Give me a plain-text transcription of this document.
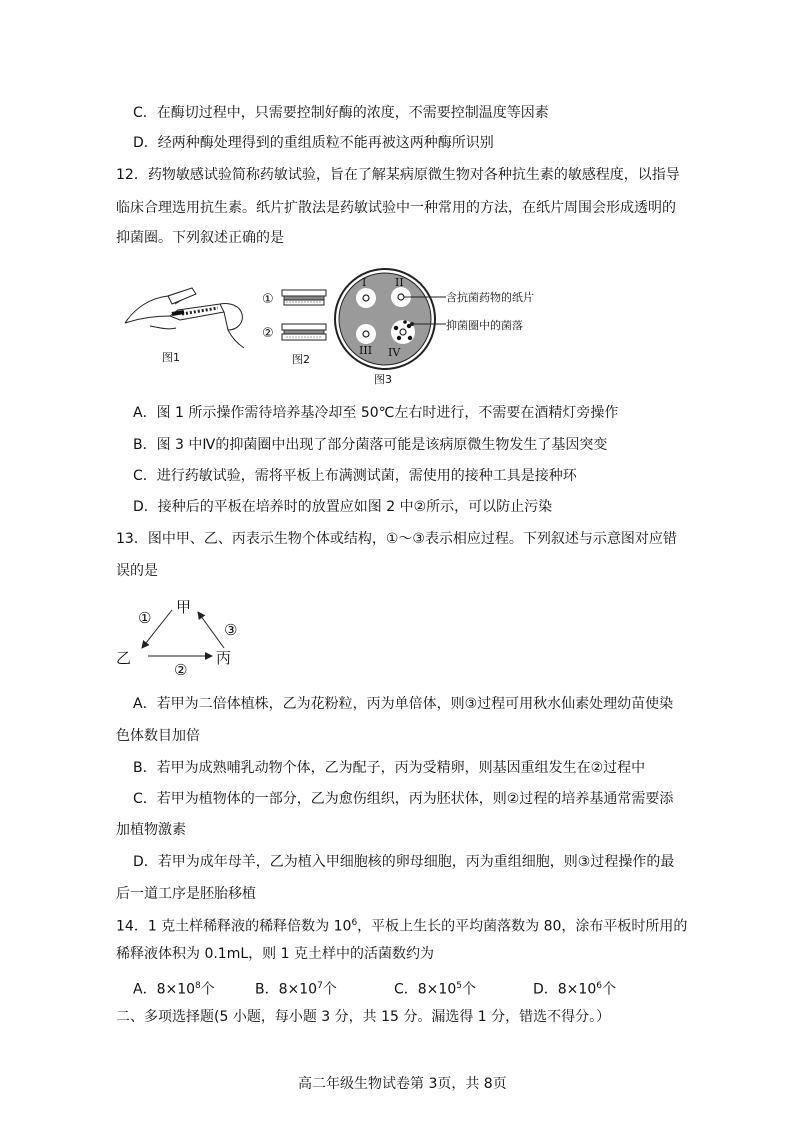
C．在酶切过程中，只需要控制好酶的浓度，不需要控制温度等因素
D．经两种酶处理得到的重组质粒不能再被这两种酶所识别
12．药物敏感试验简称药敏试验，旨在了解某病原微生物对各种抗生素的敏感程度，以指导
临床合理选用抗生素。纸片扩散法是药敏试验中一种常用的方法，在纸片周围会形成透明的
抑菌圈。下列叙述正确的是
图1
①
②
图2
I	II
III IV
含抗菌药物的纸片
抑菌圈中的菌落
图3
A．图 1 所示操作需待培养基冷却至 50℃左右时进行，不需要在酒精灯旁操作
B．图 3 中Ⅳ的抑菌圈中出现了部分菌落可能是该病原微生物发生了基因突变
C．进行药敏试验，需将平板上布满测试菌，需使用的接种工具是接种环
D．接种后的平板在培养时的放置应如图 2 中②所示，可以防止污染
13．图中甲、乙、丙表示生物个体或结构，①～③表示相应过程。下列叙述与示意图对应错
误的是
甲
乙	丙
①
②
③
A．若甲为二倍体植株，乙为花粉粒，丙为单倍体，则③过程可用秋水仙素处理幼苗使染
色体数目加倍
B．若甲为成熟哺乳动物个体，乙为配子，丙为受精卵，则基因重组发生在②过程中
C．若甲为植物体的一部分，乙为愈伤组织，丙为胚状体，则②过程的培养基通常需要添
加植物激素
D．若甲为成年母羊，乙为植入甲细胞核的卵母细胞，丙为重组细胞，则③过程操作的最
后一道工序是胚胎移植
14．1 克土样稀释液的稀释倍数为 $10^6$，平板上生长的平均菌落数为 80，涂布平板时所用的
稀释液体积为 0.1mL，则 1 克土样中的活菌数约为
A．$8\times 10^8$个	B．$8\times 10^7$个	C．$8\times 10^5$个	D．$8\times 10^6$个
二、多项选择题(5 小题，每小题 3 分，共 15 分。漏选得 1 分，错选不得分。）
高二年级生物试卷第 3页，共 8页
